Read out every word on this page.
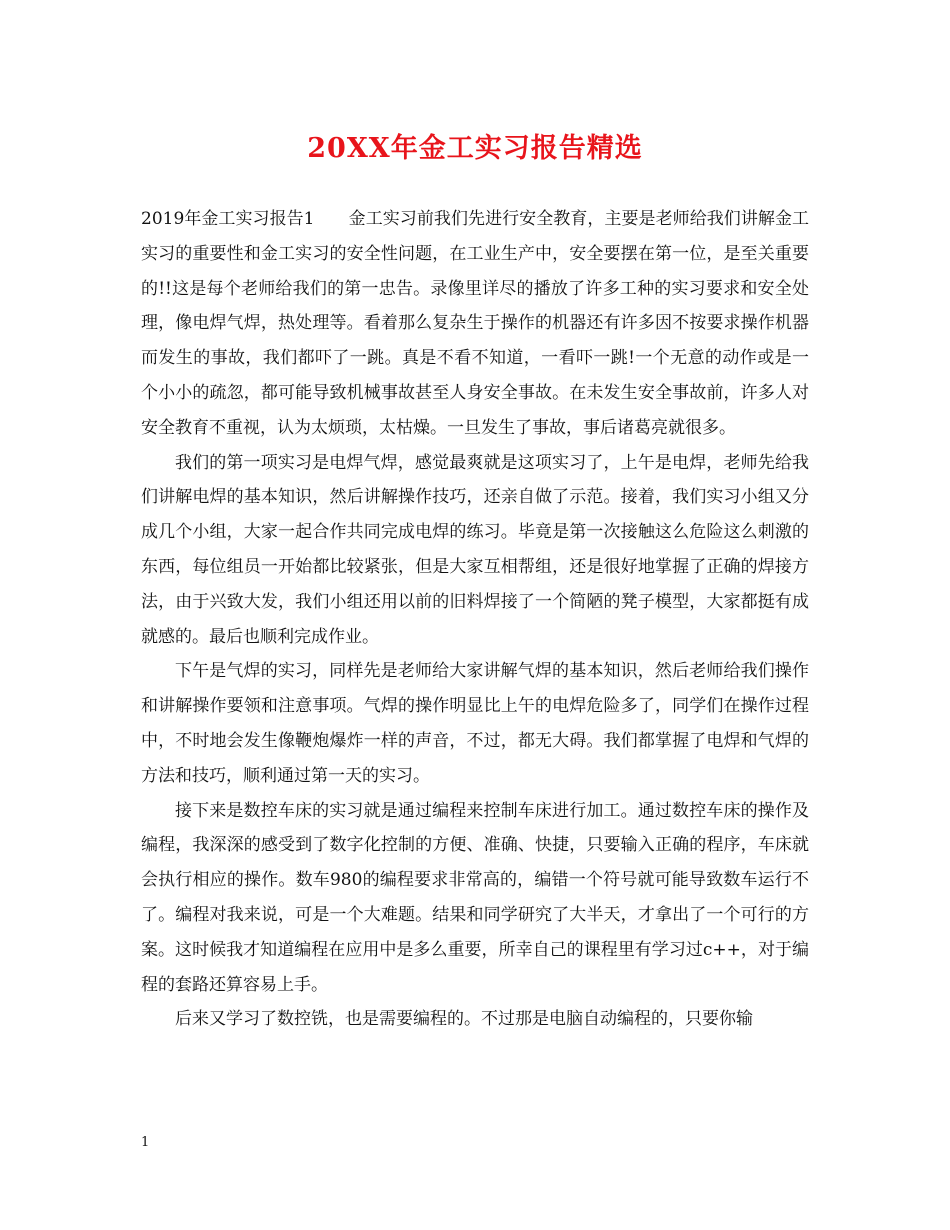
20XX年金工实习报告精选

2019年金工实习报告1　　金工实习前我们先进行安全教育，主要是老师给我们讲解金工实习的重要性和金工实习的安全性问题，在工业生产中，安全要摆在第一位，是至关重要的!!这是每个老师给我们的第一忠告。录像里详尽的播放了许多工种的实习要求和安全处理，像电焊气焊，热处理等。看着那么复杂生于操作的机器还有许多因不按要求操作机器而发生的事故，我们都吓了一跳。真是不看不知道，一看吓一跳!一个无意的动作或是一个小小的疏忽，都可能导致机械事故甚至人身安全事故。在未发生安全事故前，许多人对安全教育不重视，认为太烦琐，太枯燥。一旦发生了事故，事后诸葛亮就很多。

我们的第一项实习是电焊气焊，感觉最爽就是这项实习了，上午是电焊，老师先给我们讲解电焊的基本知识，然后讲解操作技巧，还亲自做了示范。接着，我们实习小组又分成几个小组，大家一起合作共同完成电焊的练习。毕竟是第一次接触这么危险这么刺激的东西，每位组员一开始都比较紧张，但是大家互相帮组，还是很好地掌握了正确的焊接方法，由于兴致大发，我们小组还用以前的旧料焊接了一个简陋的凳子模型，大家都挺有成就感的。最后也顺利完成作业。

下午是气焊的实习，同样先是老师给大家讲解气焊的基本知识，然后老师给我们操作和讲解操作要领和注意事项。气焊的操作明显比上午的电焊危险多了，同学们在操作过程中，不时地会发生像鞭炮爆炸一样的声音，不过，都无大碍。我们都掌握了电焊和气焊的方法和技巧，顺利通过第一天的实习。

接下来是数控车床的实习就是通过编程来控制车床进行加工。通过数控车床的操作及编程，我深深的感受到了数字化控制的方便、准确、快捷，只要输入正确的程序，车床就会执行相应的操作。数车980的编程要求非常高的，编错一个符号就可能导致数车运行不了。编程对我来说，可是一个大难题。结果和同学研究了大半天，才拿出了一个可行的方案。这时候我才知道编程在应用中是多么重要，所幸自己的课程里有学习过c++，对于编程的套路还算容易上手。

后来又学习了数控铣，也是需要编程的。不过那是电脑自动编程的，只要你输

1
